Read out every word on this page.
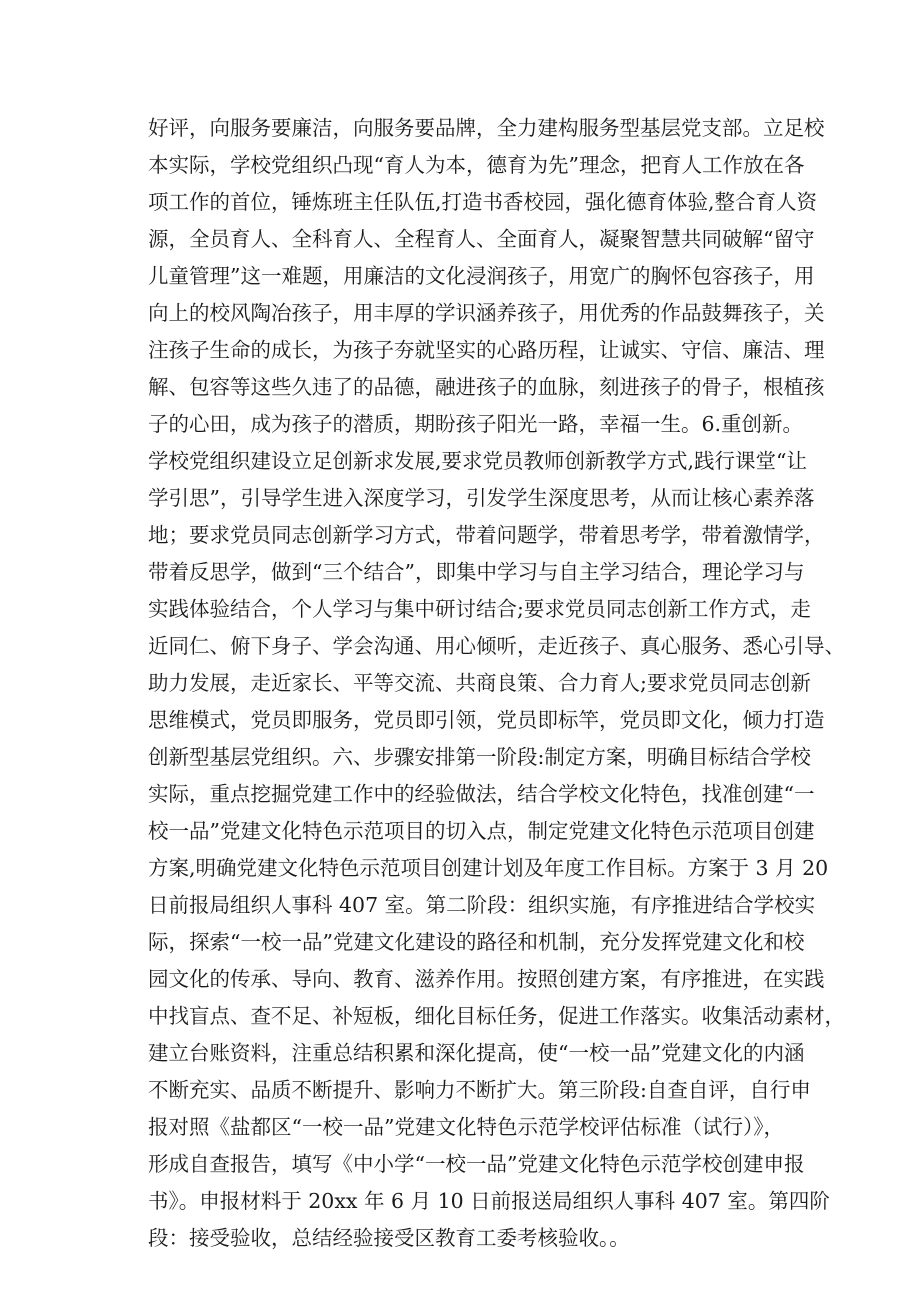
好评，向服务要廉洁，向服务要品牌，全力建构服务型基层党支部。立足校
本实际，学校党组织凸现“育人为本，德育为先”理念，把育人工作放在各
项工作的首位，锤炼班主任队伍,打造书香校园，强化德育体验,整合育人资
源，全员育人、全科育人、全程育人、全面育人，凝聚智慧共同破解“留守
儿童管理”这一难题，用廉洁的文化浸润孩子，用宽广的胸怀包容孩子，用
向上的校风陶冶孩子，用丰厚的学识涵养孩子，用优秀的作品鼓舞孩子，关
注孩子生命的成长，为孩子夯就坚实的心路历程，让诚实、守信、廉洁、理
解、包容等这些久违了的品德，融进孩子的血脉，刻进孩子的骨子，根植孩
子的心田，成为孩子的潜质，期盼孩子阳光一路，幸福一生。6.重创新。
学校党组织建设立足创新求发展,要求党员教师创新教学方式,践行课堂“让
学引思”，引导学生进入深度学习，引发学生深度思考，从而让核心素养落
地；要求党员同志创新学习方式，带着问题学，带着思考学，带着激情学，
带着反思学，做到“三个结合”，即集中学习与自主学习结合，理论学习与
实践体验结合，个人学习与集中研讨结合;要求党员同志创新工作方式，走
近同仁、俯下身子、学会沟通、用心倾听，走近孩子、真心服务、悉心引导、
助力发展，走近家长、平等交流、共商良策、合力育人;要求党员同志创新
思维模式，党员即服务，党员即引领，党员即标竿，党员即文化，倾力打造
创新型基层党组织。六、步骤安排第一阶段:制定方案，明确目标结合学校
实际，重点挖掘党建工作中的经验做法，结合学校文化特色，找准创建“一
校一品”党建文化特色示范项目的切入点，制定党建文化特色示范项目创建
方案,明确党建文化特色示范项目创建计划及年度工作目标。方案于 3 月 20
日前报局组织人事科 407 室。第二阶段：组织实施，有序推进结合学校实
际，探索“一校一品”党建文化建设的路径和机制，充分发挥党建文化和校
园文化的传承、导向、教育、滋养作用。按照创建方案，有序推进，在实践
中找盲点、查不足、补短板，细化目标任务，促进工作落实。收集活动素材，
建立台账资料，注重总结积累和深化提高，使“一校一品”党建文化的内涵
不断充实、品质不断提升、影响力不断扩大。第三阶段:自查自评，自行申
报对照《盐都区“一校一品”党建文化特色示范学校评估标准（试行）》，
形成自查报告，填写《中小学“一校一品”党建文化特色示范学校创建申报
书》。申报材料于 20xx 年 6 月 10 日前报送局组织人事科 407 室。第四阶
段：接受验收，总结经验接受区教育工委考核验收。。
